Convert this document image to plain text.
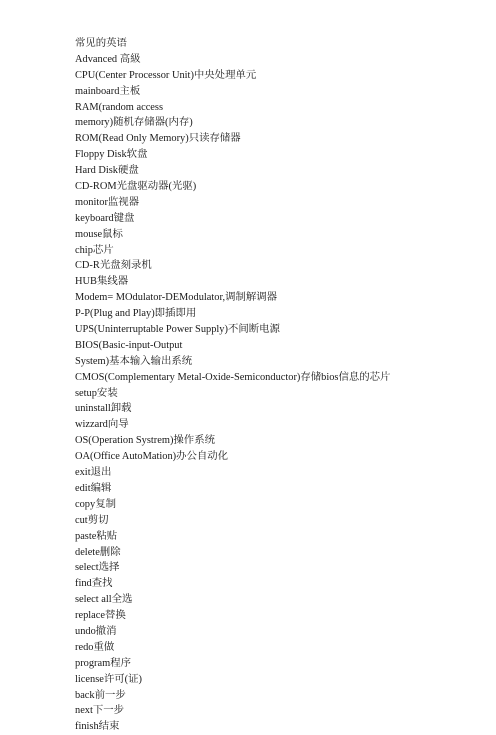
常见的英语
Advanced 高級
CPU(Center Processor Unit)中央处理单元
mainboard主板
RAM(random access
memory)随机存储器(内存)
ROM(Read Only Memory)只读存储器
Floppy Disk软盘
Hard Disk硬盘
CD-ROM光盘驱动器(光驱)
monitor监视器
keyboard键盘
mouse鼠标
chip芯片
CD-R光盘刻录机
HUB集线器
Modem= MOdulator-DEModulator,调制解调器
P-P(Plug and Play)即插即用
UPS(Uninterruptable Power Supply)不间断电源
BIOS(Basic-input-Output
System)基本输入输出系统
CMOS(Complementary Metal-Oxide-Semiconductor)存储bios信息的芯片
setup安装
uninstall卸载
wizzard向导
OS(Operation Systrem)操作系统
OA(Office AutoMation)办公自动化
exit退出
edit编辑
copy复制
cut剪切
paste粘贴
delete删除
select选择
find查找
select all全选
replace替换
undo撤消
redo重做
program程序
license许可(证)
back前一步
next下一步
finish结束
